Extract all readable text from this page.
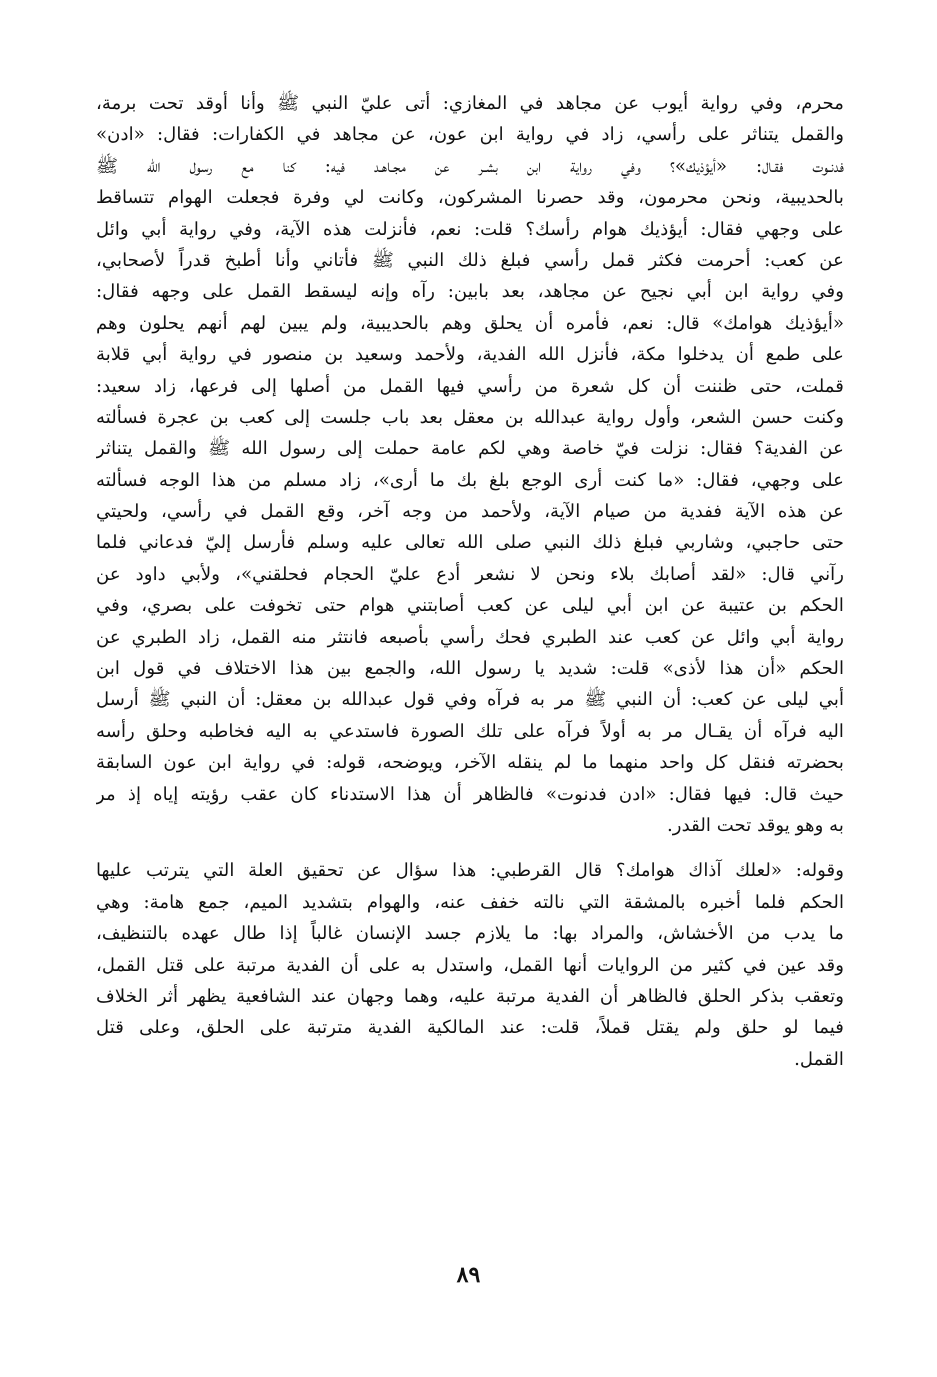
محرم، وفي رواية أيوب عن مجاهد في المغازي: أتى عليّ النبي ﷺ وأنا أوقد تحت برمة،
والقمل يتناثر على رأسي، زاد في رواية ابن عون، عن مجاهد في الكفارات: فقال: «ادن»
فدنـوت فقـال: «أيؤذيك»؟ وفي رواية ابن بشـر عن مجـاهـد فيه: كنا مع رسول الله ﷺ
بالحديبية، ونحن محرمون، وقد حصرنا المشركون، وكانت لي وفرة فجعلت الهوام تتساقط
على وجهي فقال: أيؤذيك هوام رأسك؟ قلت: نعم، فأنزلت هذه الآية، وفي رواية أبي وائل
عن كعب: أحرمت فكثر قمل رأسي فبلغ ذلك النبي ﷺ فأتاني وأنا أطبخ قدراً لأصحابي،
وفي رواية ابن أبي نجيح عن مجاهد، بعد بابين: رآه وإنه ليسقط القمل على وجهه فقال:
«أيؤذيك هوامك» قال: نعم، فأمره أن يحلق وهم بالحديبية، ولم يبين لهم أنهم يحلون وهم
على طمع أن يدخلوا مكة، فأنزل الله الفدية، ولأحمد وسعيد بن منصور في رواية أبي قلابة
قملت، حتى ظننت أن كل شعرة من رأسي فيها القمل من أصلها إلى فرعها، زاد سعيد:
وكنت حسن الشعر، وأول رواية عبدالله بن معقل بعد باب جلست إلى كعب بن عجرة فسألته
عن الفدية؟ فقال: نزلت فيّ خاصة وهي لكم عامة حملت إلى رسول الله ﷺ والقمل يتناثر
على وجهي، فقال: «ما كنت أرى الوجع بلغ بك ما أرى»، زاد مسلم من هذا الوجه فسألته
عن هذه الآية ففدية من صيام الآية، ولأحمد من وجه آخر، وقع القمل في رأسي، ولحيتي
حتى حاجبي، وشاربي فبلغ ذلك النبي صلى الله تعالى عليه وسلم فأرسل إليّ فدعاني فلما
رآني قال: «لقد أصابك بلاء ونحن لا نشعر أدع عليّ الحجام فحلقني»، ولأبي داود عن
الحكم بن عتيبة عن ابن أبي ليلى عن كعب أصابتني هوام حتى تخوفت على بصري، وفي
رواية أبي وائل عن كعب عند الطبري فحك رأسي بأصبعه فانتثر منه القمل، زاد الطبري عن
الحكم «أن هذا لأذى» قلت: شديد يا رسول الله، والجمع بين هذا الاختلاف في قول ابن
أبي ليلى عن كعب: أن النبي ﷺ مر به فرآه وفي قول عبدالله بن معقل: أن النبي ﷺ أرسل
اليه فرآه أن يقـال مر به أولاً فرآه على تلك الصورة فاستدعي به اليه فخاطبه وحلق رأسه
بحضرته فنقل كل واحد منهما ما لم ينقله الآخر، ويوضحه، قوله: في رواية ابن عون السابقة
حيث قال: فيها فقال: «ادن فدنوت» فالظاهر أن هذا الاستدناء كان عقب رؤيته إياه إذ مر
به وهو يوقد تحت القدر.
وقوله: «لعلك آذاك هوامك؟ قال القرطبي: هذا سؤال عن تحقيق العلة التي يترتب عليها
الحكم فلما أخبره بالمشقة التي نالته خفف عنه، والهوام بتشديد الميم، جمع هامة: وهي
ما يدب من الأخشاش، والمراد بها: ما يلازم جسد الإنسان غالباً إذا طال عهده بالتنظيف،
وقد عين في كثير من الروايات أنها القمل، واستدل به على أن الفدية مرتبة على قتل القمل،
وتعقب بذكر الحلق فالظاهر أن الفدية مرتبة عليه، وهما وجهان عند الشافعية يظهر أثر الخلاف
فيما لو حلق ولم يقتل قملاً، قلت: عند المالكية الفدية مترتبة على الحلق، وعلى قتل
القمل.
٨٩
